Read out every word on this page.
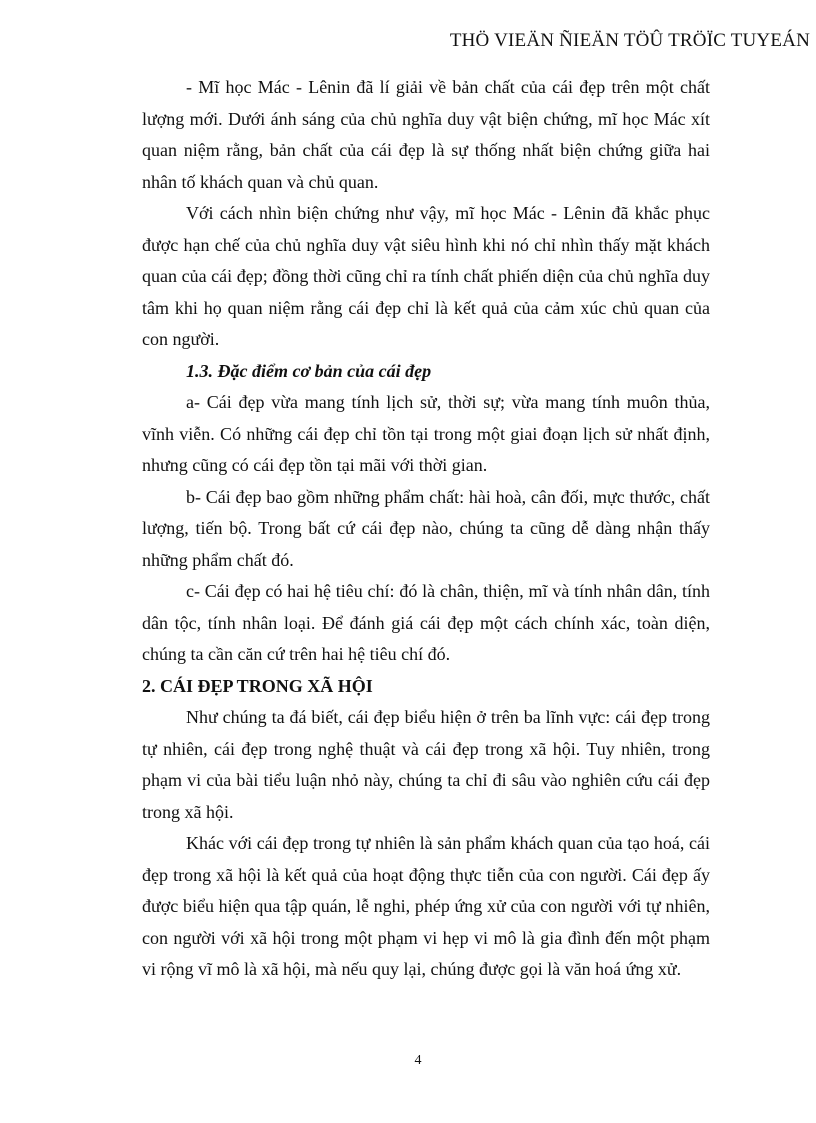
THÖ VIEÄN ÑIEÄN TÖÛ TRÖÏC TUYEÁN

- Mĩ học Mác - Lênin đã lí giải về bản chất của cái đẹp trên một chất lượng mới. Dưới ánh sáng của chủ nghĩa duy vật biện chứng, mĩ học Mác xít quan niệm rằng, bản chất của cái đẹp là sự thống nhất biện chứng giữa hai nhân tố khách quan và chủ quan.

Với cách nhìn biện chứng như vậy, mĩ học Mác - Lênin đã khắc phục được hạn chế của chủ nghĩa duy vật siêu hình khi nó chỉ nhìn thấy mặt khách quan của cái đẹp; đồng thời cũng chỉ ra tính chất phiến diện của chủ nghĩa duy tâm khi họ quan niệm rằng cái đẹp chỉ là kết quả của cảm xúc chủ quan của con người.

1.3. Đặc điểm cơ bản của cái đẹp

a- Cái đẹp vừa mang tính lịch sử, thời sự; vừa mang tính muôn thủa, vĩnh viễn. Có những cái đẹp chỉ tồn tại trong một giai đoạn lịch sử nhất định, nhưng cũng có cái đẹp tồn tại mãi với thời gian.

b- Cái đẹp bao gồm những phẩm chất: hài hoà, cân đối, mực thước, chất lượng, tiến bộ. Trong bất cứ cái đẹp nào, chúng ta cũng dễ dàng nhận thấy những phẩm chất đó.

c- Cái đẹp có hai hệ tiêu chí: đó là chân, thiện, mĩ và tính nhân dân, tính dân tộc, tính nhân loại. Để đánh giá cái đẹp một cách chính xác, toàn diện, chúng ta cần căn cứ trên hai hệ tiêu chí đó.

2. CÁI ĐẸP TRONG XÃ HỘI

Như chúng ta đá biết, cái đẹp biểu hiện ở trên ba lĩnh vực: cái đẹp trong tự nhiên, cái đẹp trong nghệ thuật và cái đẹp trong xã hội. Tuy nhiên, trong phạm vi của bài tiểu luận nhỏ này, chúng ta chỉ đi sâu vào nghiên cứu cái đẹp trong xã hội.

Khác với cái đẹp trong tự nhiên là sản phẩm khách quan của tạo hoá, cái đẹp trong xã hội là kết quả của hoạt động thực tiễn của con người. Cái đẹp ấy được biểu hiện qua tập quán, lễ nghi, phép ứng xử của con người với tự nhiên, con người với xã hội trong một phạm vi hẹp vi mô là gia đình đến một phạm vi rộng vĩ mô là xã hội, mà nếu quy lại, chúng được gọi là văn hoá ứng xử.

4
